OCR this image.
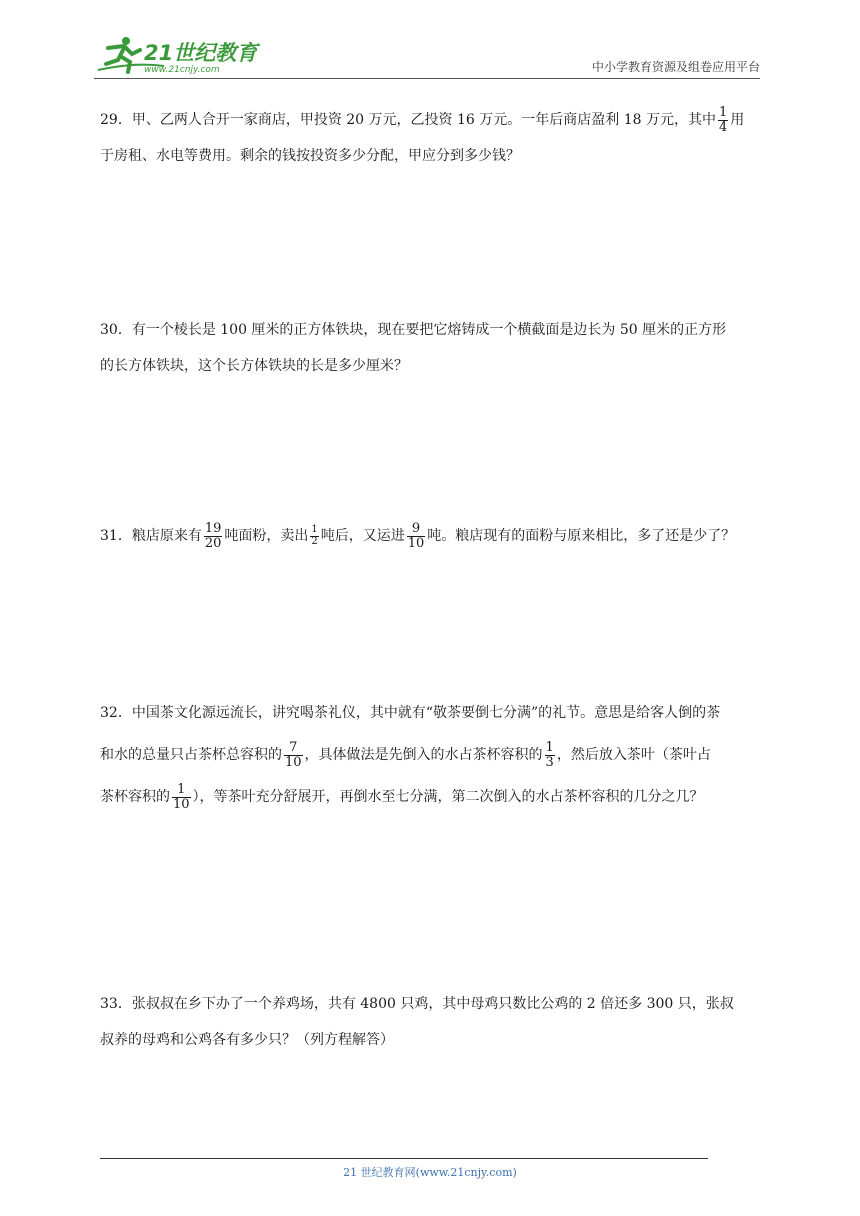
21世纪教育
www.21cnjy.com	中小学教育资源及组卷应用平台

29．甲、乙两人合开一家商店，甲投资 20 万元，乙投资 16 万元。一年后商店盈利 18 万元，其中 $\frac{1}{4}$ 用

于房租、水电等费用。剩余的钱按投资多少分配，甲应分到多少钱？

30．有一个棱长是 100 厘米的正方体铁块，现在要把它熔铸成一个横截面是边长为 50 厘米的正方形

的长方体铁块，这个长方体铁块的长是多少厘米？

31．粮店原来有 $\frac{19}{20}$ 吨面粉，卖出 $\frac{1}{2}$ 吨后，又运进 $\frac{9}{10}$ 吨。粮店现有的面粉与原来相比，多了还是少了？

32．中国茶文化源远流长，讲究喝茶礼仪，其中就有“敬茶要倒七分满”的礼节。意思是给客人倒的茶

和水的总量只占茶杯总容积的 $\frac{7}{10}$ ，具体做法是先倒入的水占茶杯容积的 $\frac{1}{3}$ ，然后放入茶叶（茶叶占

茶杯容积的 $\frac{1}{10}$ ），等茶叶充分舒展开，再倒水至七分满，第二次倒入的水占茶杯容积的几分之几？

33．张叔叔在乡下办了一个养鸡场，共有 4800 只鸡，其中母鸡只数比公鸡的 2 倍还多 300 只，张叔

叔养的母鸡和公鸡各有多少只？（列方程解答）

21 世纪教育网(www.21cnjy.com)
